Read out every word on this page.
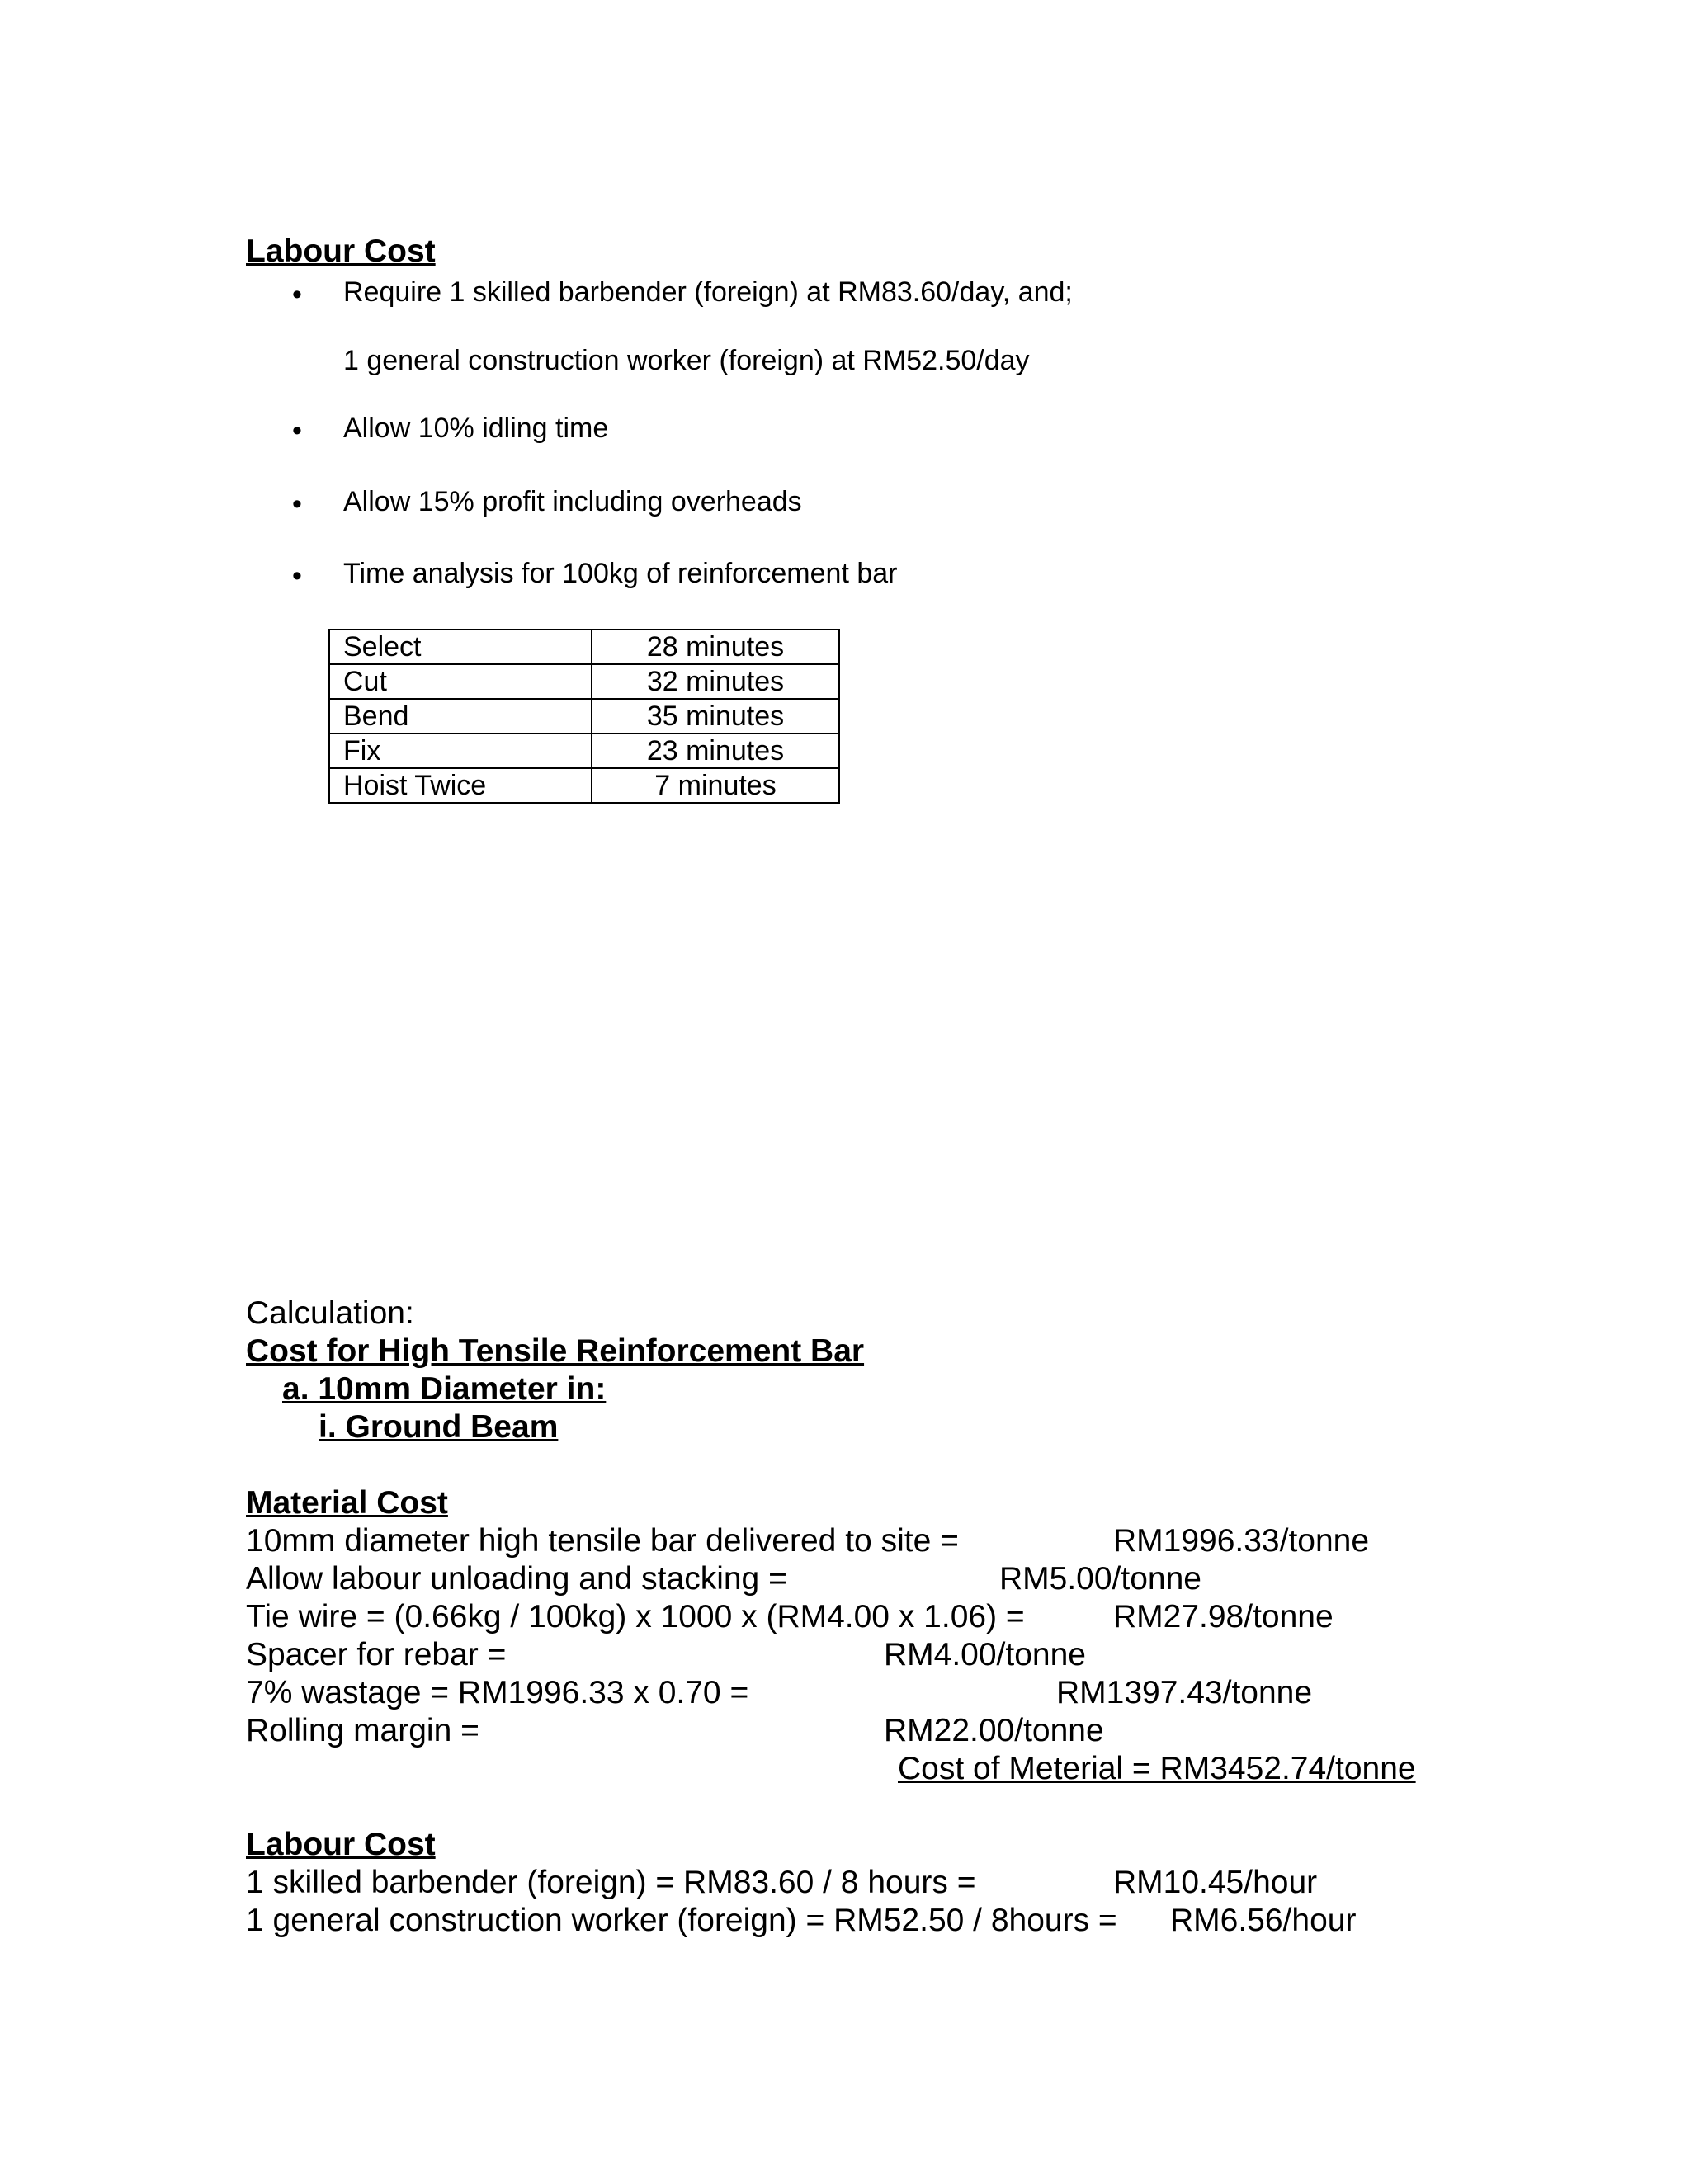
Labour Cost
• Require 1 skilled barbender (foreign) at RM83.60/day, and;
1 general construction worker (foreign) at RM52.50/day
• Allow 10% idling time
• Allow 15% profit including overheads
• Time analysis for 100kg of reinforcement bar
Select	28 minutes
Cut	32 minutes
Bend	35 minutes
Fix	23 minutes
Hoist Twice	7 minutes
Calculation:
Cost for High Tensile Reinforcement Bar
a. 10mm Diameter in:
i. Ground Beam
Material Cost
10mm diameter high tensile bar delivered to site =	RM1996.33/tonne
Allow labour unloading and stacking =	RM5.00/tonne
Tie wire = (0.66kg / 100kg) x 1000 x (RM4.00 x 1.06) =	RM27.98/tonne
Spacer for rebar =	RM4.00/tonne
7% wastage = RM1996.33 x 0.70 =	RM1397.43/tonne
Rolling margin =	RM22.00/tonne
Cost of Meterial = RM3452.74/tonne
Labour Cost
1 skilled barbender (foreign) = RM83.60 / 8 hours =	RM10.45/hour
1 general construction worker (foreign) = RM52.50 / 8hours = RM6.56/hour
